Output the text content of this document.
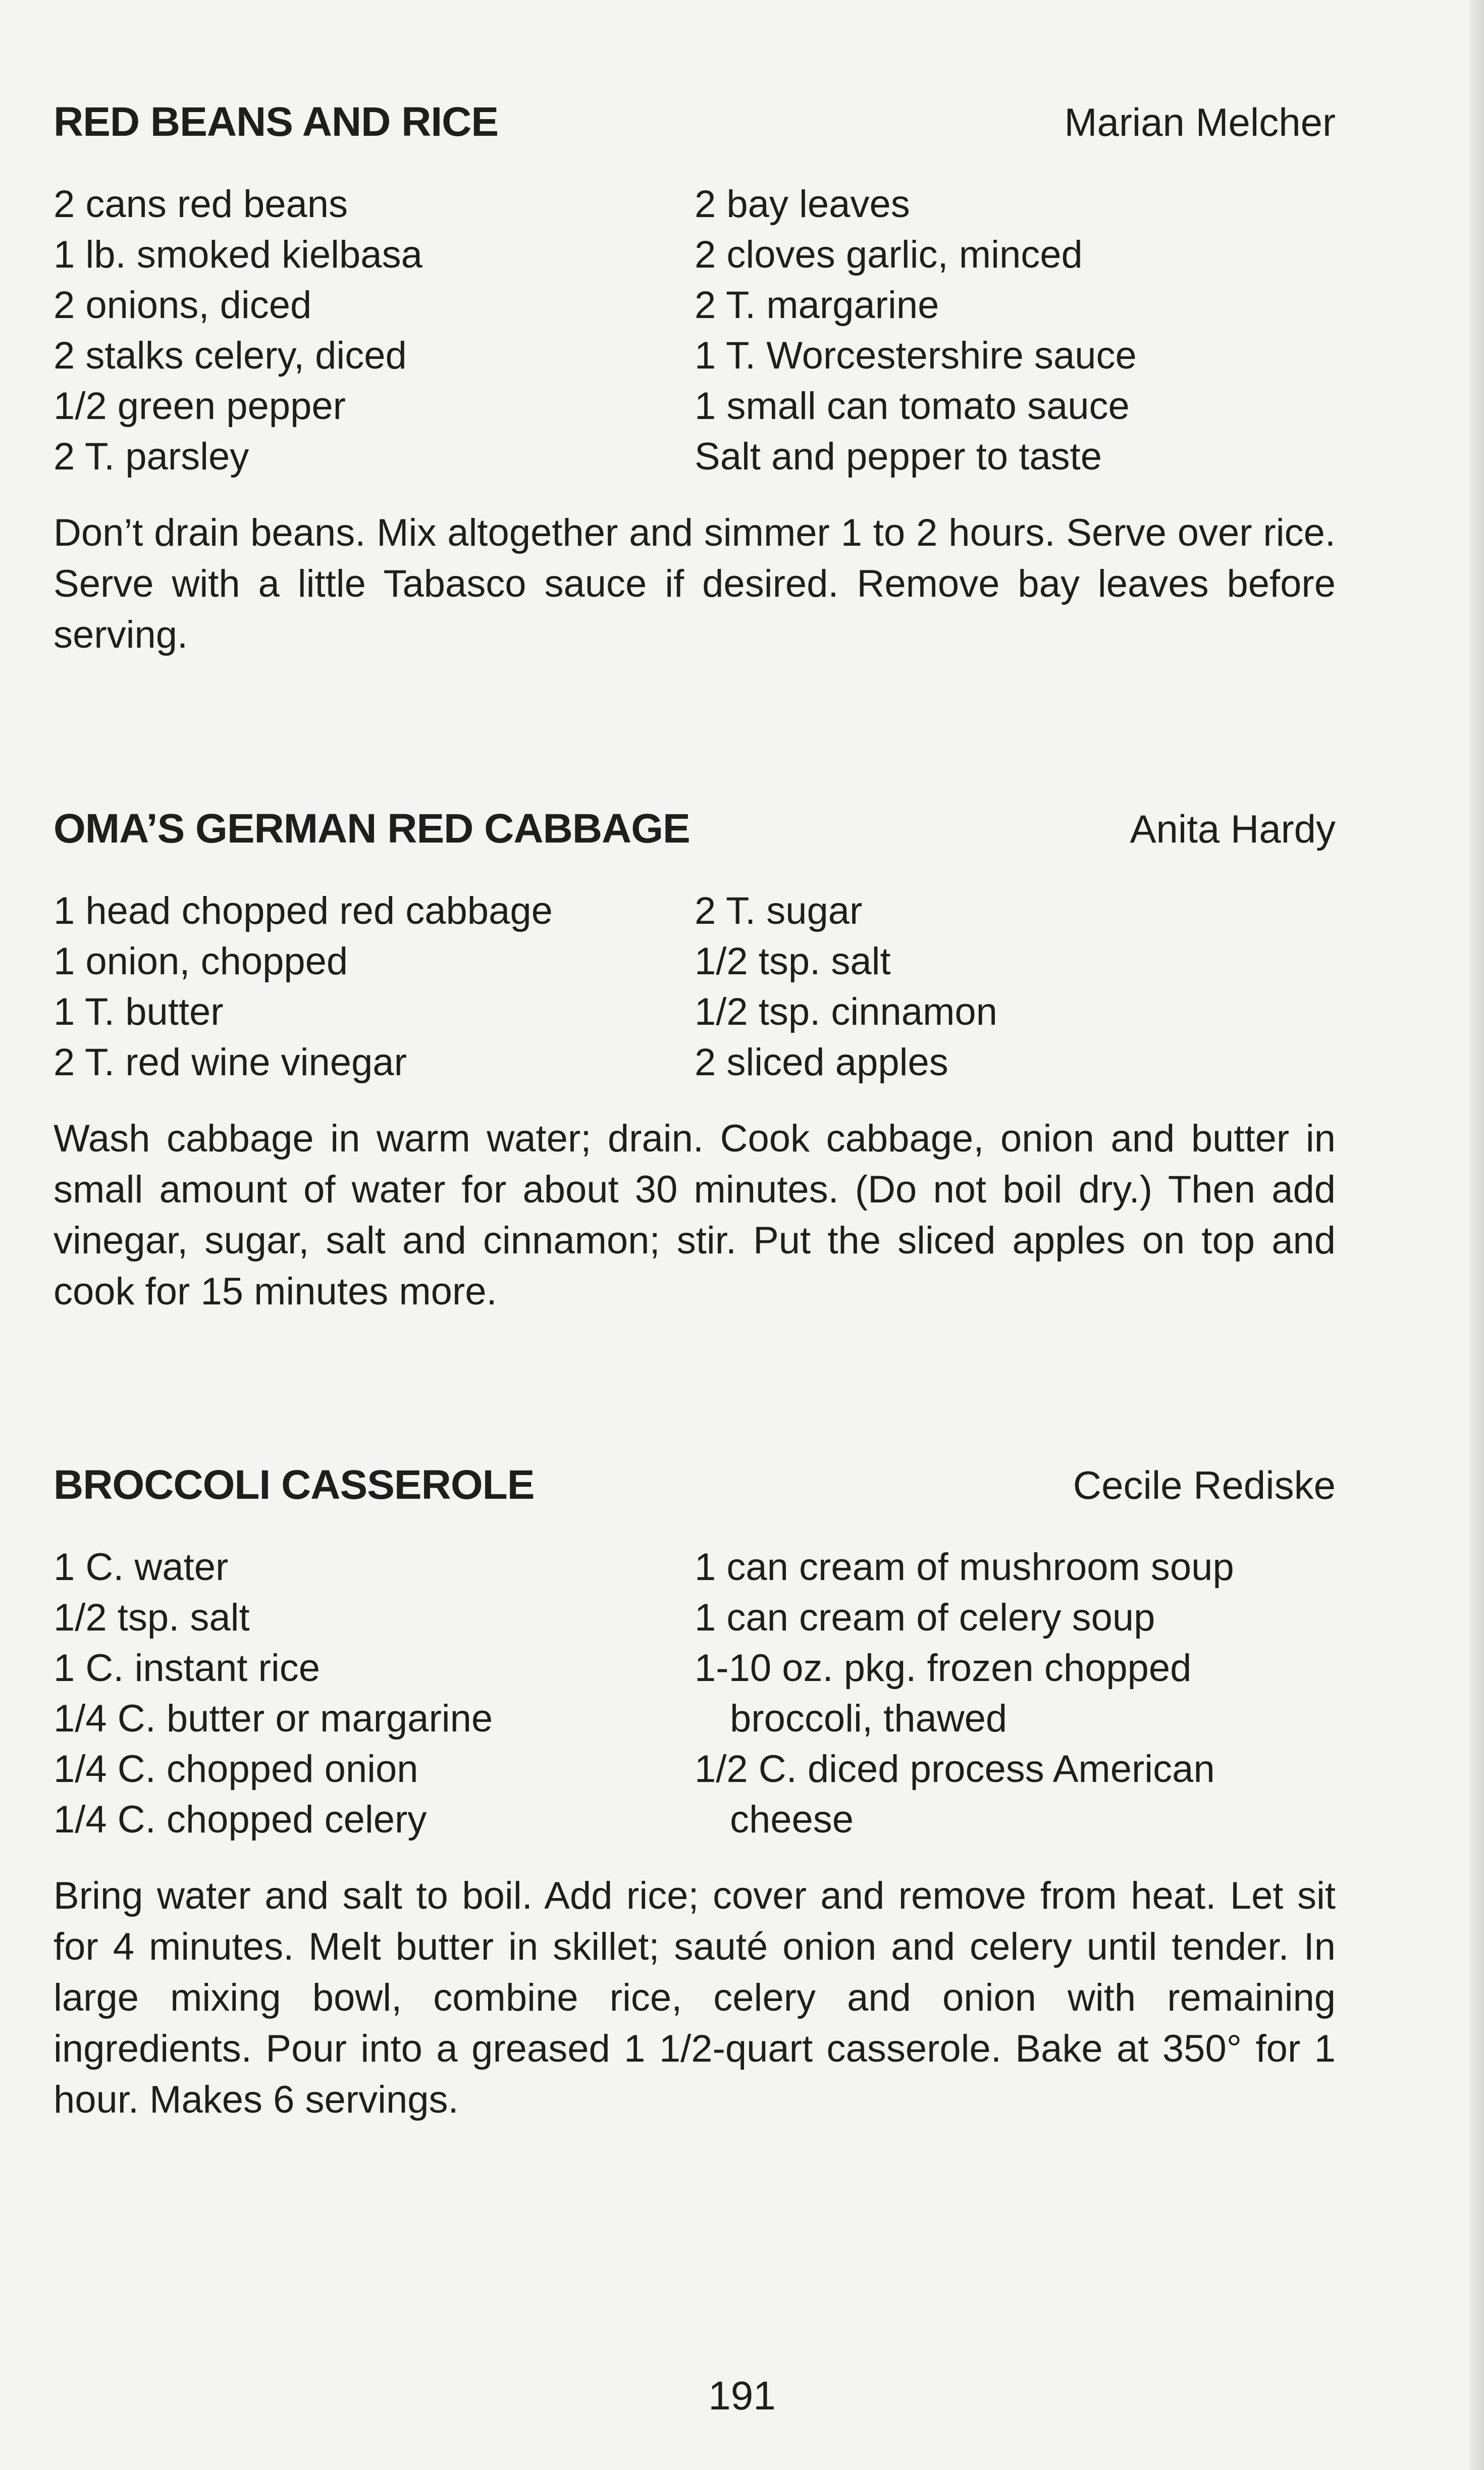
RED BEANS AND RICE	Marian Melcher
2 cans red beans
1 lb. smoked kielbasa
2 onions, diced
2 stalks celery, diced
1/2 green pepper
2 T. parsley
2 bay leaves
2 cloves garlic, minced
2 T. margarine
1 T. Worcestershire sauce
1 small can tomato sauce
Salt and pepper to taste

Don’t drain beans. Mix altogether and simmer 1 to 2 hours. Serve over rice. Serve with a little Tabasco sauce if desired. Remove bay leaves before serving.

OMA’S GERMAN RED CABBAGE	Anita Hardy
1 head chopped red cabbage
1 onion, chopped
1 T. butter
2 T. red wine vinegar
2 T. sugar
1/2 tsp. salt
1/2 tsp. cinnamon
2 sliced apples

Wash cabbage in warm water; drain. Cook cabbage, onion and butter in small amount of water for about 30 minutes. (Do not boil dry.) Then add vinegar, sugar, salt and cinnamon; stir. Put the sliced apples on top and cook for 15 minutes more.

BROCCOLI CASSEROLE	Cecile Rediske
1 C. water
1/2 tsp. salt
1 C. instant rice
1/4 C. butter or margarine
1/4 C. chopped onion
1/4 C. chopped celery
1 can cream of mushroom soup
1 can cream of celery soup
1-10 oz. pkg. frozen chopped
broccoli, thawed
1/2 C. diced process American
cheese

Bring water and salt to boil. Add rice; cover and remove from heat. Let sit for 4 minutes. Melt butter in skillet; sauté onion and celery until tender. In large mixing bowl, combine rice, celery and onion with remaining ingredients. Pour into a greased 1 1/2-quart casserole. Bake at 350° for 1 hour. Makes 6 servings.

191
